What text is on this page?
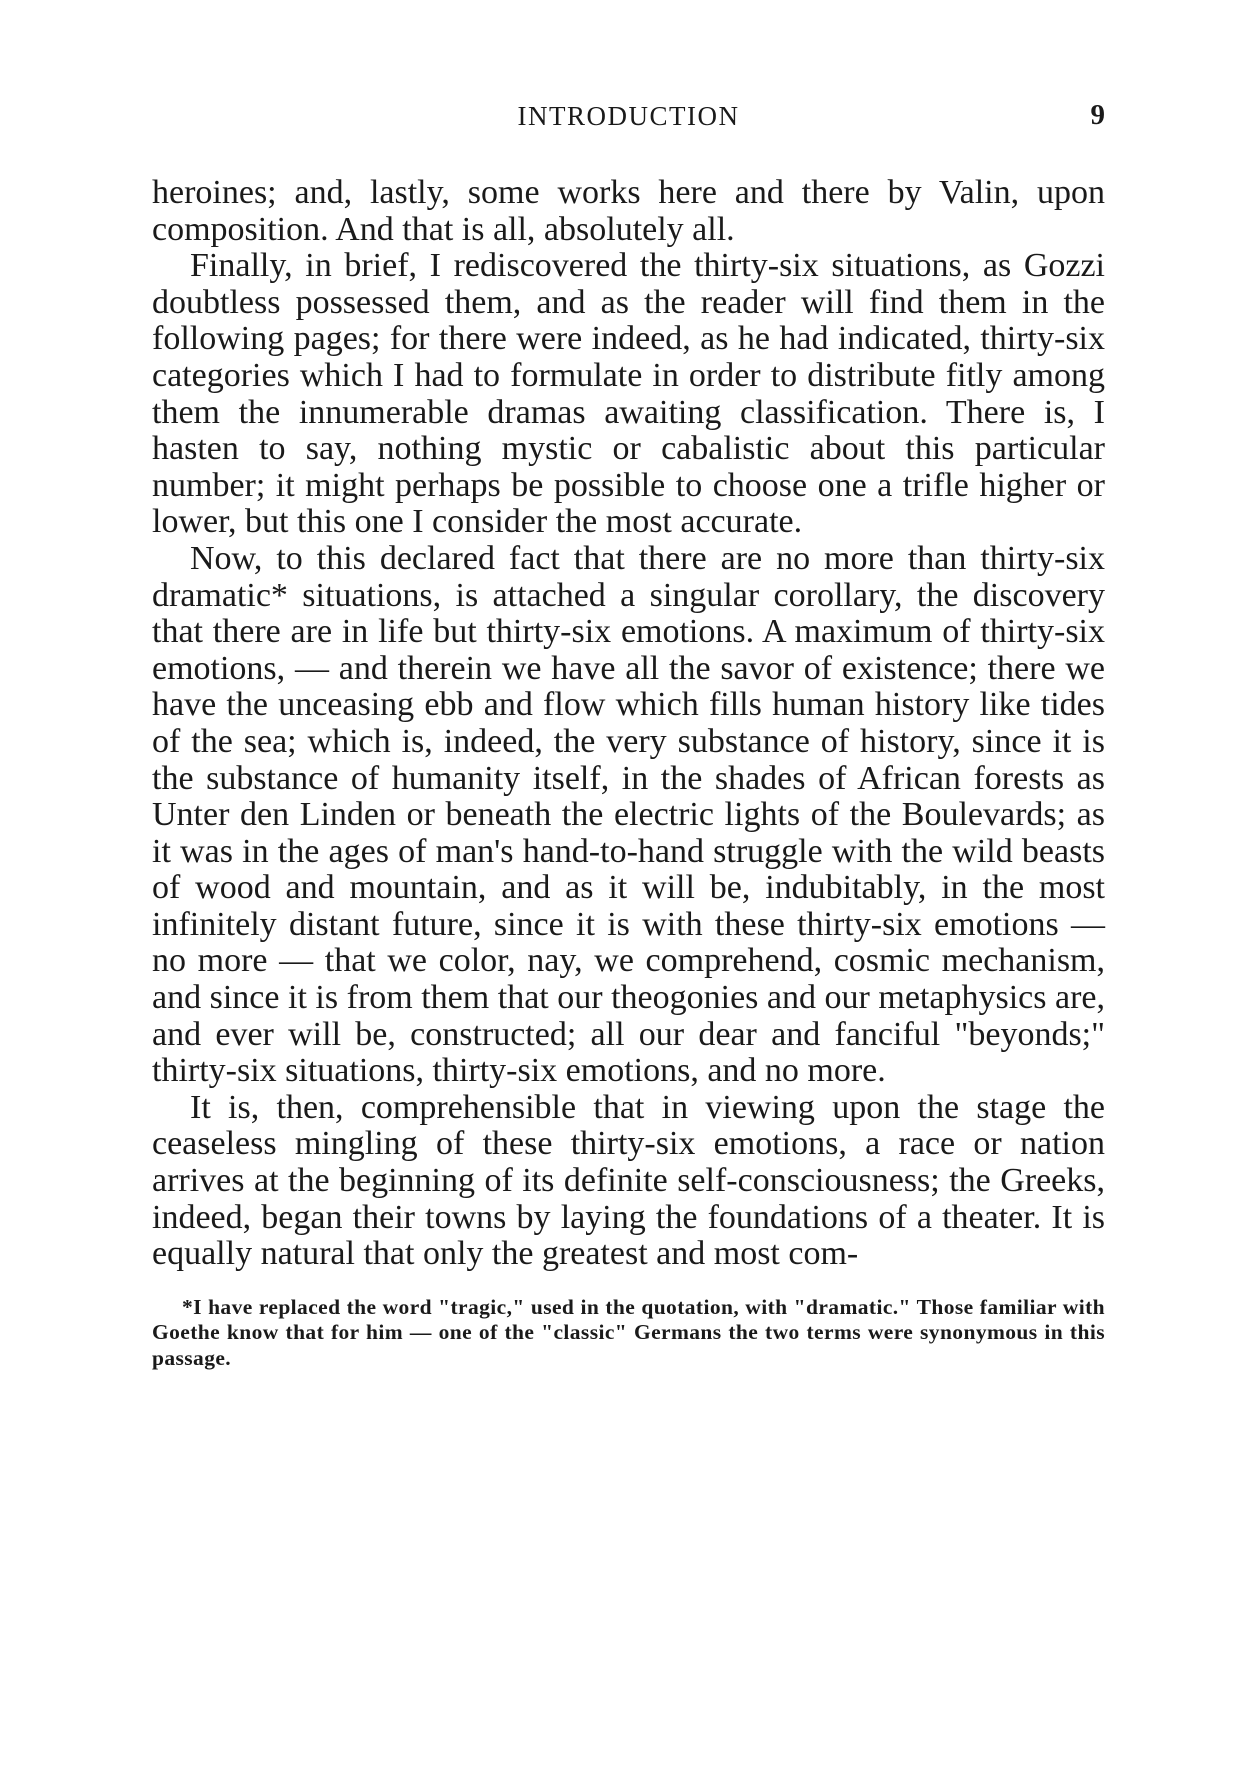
INTRODUCTION	9

heroines; and, lastly, some works here and there by Valin, upon composition. And that is all, absolutely all.

Finally, in brief, I rediscovered the thirty-six situations, as Gozzi doubtless possessed them, and as the reader will find them in the following pages; for there were indeed, as he had indicated, thirty-six categories which I had to formulate in order to distribute fitly among them the innumerable dramas awaiting classification. There is, I hasten to say, nothing mystic or cabalistic about this particular number; it might perhaps be possible to choose one a trifle higher or lower, but this one I consider the most accurate.

Now, to this declared fact that there are no more than thirty-six dramatic* situations, is attached a singular corollary, the discovery that there are in life but thirty-six emotions. A maximum of thirty-six emotions, — and therein we have all the savor of existence; there we have the unceasing ebb and flow which fills human history like tides of the sea; which is, indeed, the very substance of history, since it is the substance of humanity itself, in the shades of African forests as Unter den Linden or beneath the electric lights of the Boulevards; as it was in the ages of man's hand-to-hand struggle with the wild beasts of wood and mountain, and as it will be, indubitably, in the most infinitely distant future, since it is with these thirty-six emotions — no more — that we color, nay, we comprehend, cosmic mechanism, and since it is from them that our theogonies and our metaphysics are, and ever will be, constructed; all our dear and fanciful "beyonds;" thirty-six situations, thirty-six emotions, and no more.

It is, then, comprehensible that in viewing upon the stage the ceaseless mingling of these thirty-six emotions, a race or nation arrives at the beginning of its definite self-consciousness; the Greeks, indeed, began their towns by laying the foundations of a theater. It is equally natural that only the greatest and most com-

*I have replaced the word "tragic," used in the quotation, with "dramatic." Those familiar with Goethe know that for him — one of the "classic" Germans the two terms were synonymous in this passage.
